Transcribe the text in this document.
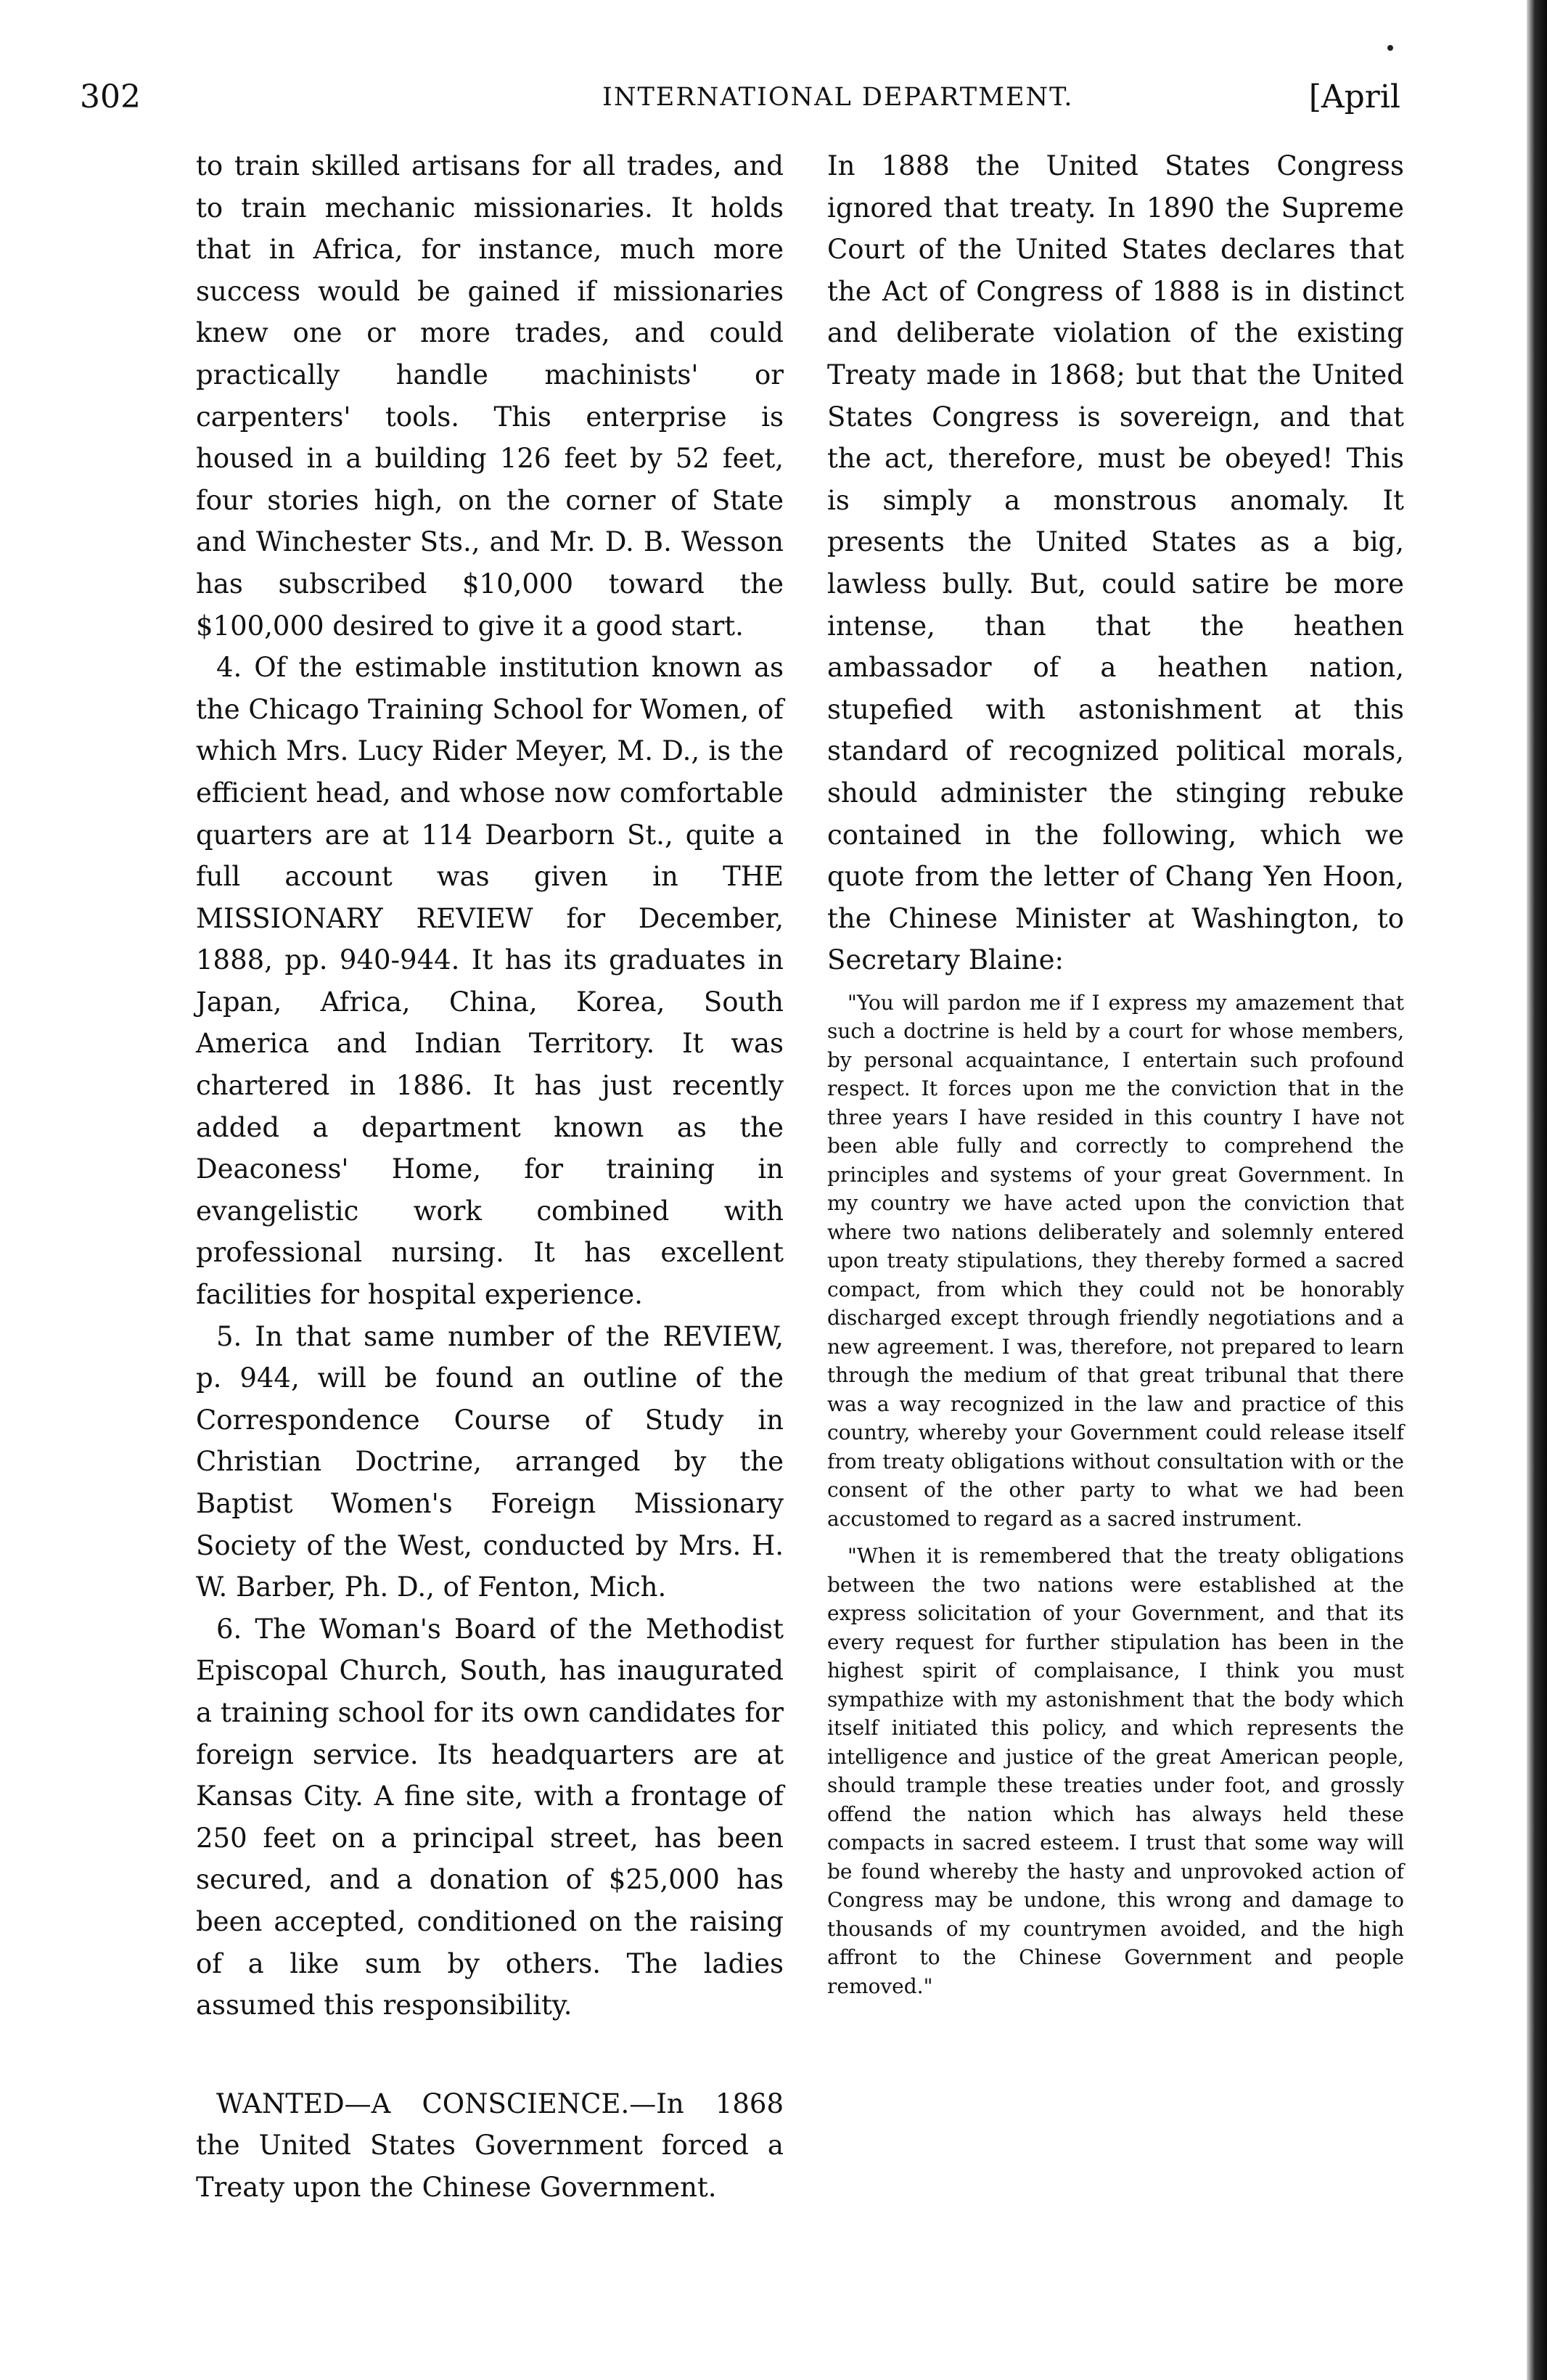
302	INTERNATIONAL DEPARTMENT.	[April

to train skilled artisans for all trades, and to train mechanic missionaries. It holds that in Africa, for instance, much more success would be gained if missionaries knew one or more trades, and could practically handle machinists' or carpenters' tools. This enterprise is housed in a building 126 feet by 52 feet, four stories high, on the corner of State and Winchester Sts., and Mr. D. B. Wesson has subscribed $10,000 toward the $100,000 desired to give it a good start.

4. Of the estimable institution known as the Chicago Training School for Women, of which Mrs. Lucy Rider Meyer, M. D., is the efficient head, and whose now comfortable quarters are at 114 Dearborn St., quite a full account was given in THE MISSIONARY REVIEW for December, 1888, pp. 940-944. It has its graduates in Japan, Africa, China, Korea, South America and Indian Territory. It was chartered in 1886. It has just recently added a department known as the Deaconess' Home, for training in evangelistic work combined with professional nursing. It has excellent facilities for hospital experience.

5. In that same number of the REVIEW, p. 944, will be found an outline of the Correspondence Course of Study in Christian Doctrine, arranged by the Baptist Women's Foreign Missionary Society of the West, conducted by Mrs. H. W. Barber, Ph. D., of Fenton, Mich.

6. The Woman's Board of the Methodist Episcopal Church, South, has inaugurated a training school for its own candidates for foreign service. Its headquarters are at Kansas City. A fine site, with a frontage of 250 feet on a principal street, has been secured, and a donation of $25,000 has been accepted, conditioned on the raising of a like sum by others. The ladies assumed this responsibility.

WANTED—A CONSCIENCE.—In 1868 the United States Government forced a Treaty upon the Chinese Government.

In 1888 the United States Congress ignored that treaty. In 1890 the Supreme Court of the United States declares that the Act of Congress of 1888 is in distinct and deliberate violation of the existing Treaty made in 1868; but that the United States Congress is sovereign, and that the act, therefore, must be obeyed! This is simply a monstrous anomaly. It presents the United States as a big, lawless bully. But, could satire be more intense, than that the heathen ambassador of a heathen nation, stupefied with astonishment at this standard of recognized political morals, should administer the stinging rebuke contained in the following, which we quote from the letter of Chang Yen Hoon, the Chinese Minister at Washington, to Secretary Blaine:

"You will pardon me if I express my amazement that such a doctrine is held by a court for whose members, by personal acquaintance, I entertain such profound respect. It forces upon me the conviction that in the three years I have resided in this country I have not been able fully and correctly to comprehend the principles and systems of your great Government. In my country we have acted upon the conviction that where two nations deliberately and solemnly entered upon treaty stipulations, they thereby formed a sacred compact, from which they could not be honorably discharged except through friendly negotiations and a new agreement. I was, therefore, not prepared to learn through the medium of that great tribunal that there was a way recognized in the law and practice of this country, whereby your Government could release itself from treaty obligations without consultation with or the consent of the other party to what we had been accustomed to regard as a sacred instrument.

"When it is remembered that the treaty obligations between the two nations were established at the express solicitation of your Government, and that its every request for further stipulation has been in the highest spirit of complaisance, I think you must sympathize with my astonishment that the body which itself initiated this policy, and which represents the intelligence and justice of the great American people, should trample these treaties under foot, and grossly offend the nation which has always held these compacts in sacred esteem. I trust that some way will be found whereby the hasty and unprovoked action of Congress may be undone, this wrong and damage to thousands of my countrymen avoided, and the high affront to the Chinese Government and people removed."
